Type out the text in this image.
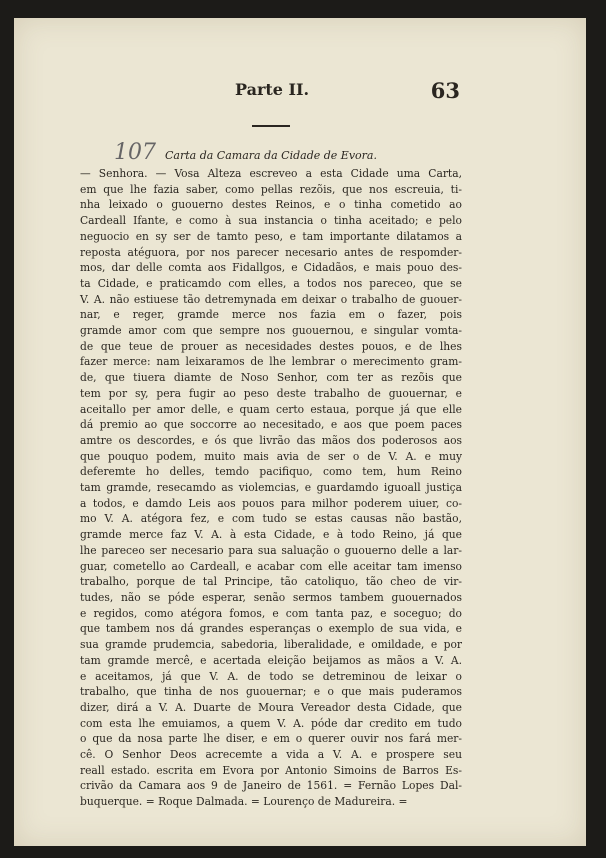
Parte II.	63
107 Carta da Camara da Cidade de Evora.
— Senhora. — Vosa Alteza escreveo a esta Cidade uma Carta,
em que lhe fazia saber, como pellas rezõis, que nos escreuia, ti-
nha leixado o guouerno destes Reinos, e o tinha cometido ao
Cardeall Ifante, e como à sua instancia o tinha aceitado; e pelo
neguocio en sy ser de tamto peso, e tam importante dilatamos a
reposta atéguora, por nos parecer necesario antes de respomder-
mos, dar delle comta aos Fidallgos, e Cidadãos, e mais pouo des-
ta Cidade, e praticamdo com elles, a todos nos pareceo, que se
V. A. não estiuese tão detremynada em deixar o trabalho de guouer-
nar, e reger, gramde merce nos fazia em o fazer, pois
gramde amor com que sempre nos guouernou, e singular vomta-
de que teue de prouer as necesidades destes pouos, e de lhes
fazer merce: nam leixaramos de lhe lembrar o merecimento gram-
de, que tiuera diamte de Noso Senhor, com ter as rezõis que
tem por sy, pera fugir ao peso deste trabalho de guouernar, e
aceitallo per amor delle, e quam certo estaua, porque já que elle
dá premio ao que soccorre ao necesitado, e aos que poem paces
amtre os descordes, e ós que livrão das mãos dos poderosos aos
que pouquo podem, muito mais avia de ser o de V. A. e muy
deferemte ho delles, temdo pacifiquo, como tem, hum Reino
tam gramde, resecamdo as violemcias, e guardamdo iguoall justiça
a todos, e damdo Leis aos pouos para milhor poderem uiuer, co-
mo V. A. atégora fez, e com tudo se estas causas não bastão,
gramde merce faz V. A. à esta Cidade, e à todo Reino, já que
lhe pareceo ser necesario para sua saluação o guouerno delle a lar-
guar, cometello ao Cardeall, e acabar com elle aceitar tam imenso
trabalho, porque de tal Principe, tão catoliquo, tão cheo de vir-
tudes, não se póde esperar, senão sermos tambem guouernados
e regidos, como atégora fomos, e com tanta paz, e soceguo; do
que tambem nos dá grandes esperanças o exemplo de sua vida, e
sua gramde prudemcia, sabedoria, liberalidade, e omildade, e por
tam gramde mercê, e acertada eleição beijamos as mãos a V. A.
e aceitamos, já que V. A. de todo se detreminou de leixar o
trabalho, que tinha de nos guouernar; e o que mais puderamos
dizer, dirá a V. A. Duarte de Moura Vereador desta Cidade, que
com esta lhe emuiamos, a quem V. A. póde dar credito em tudo
o que da nosa parte lhe diser, e em o querer ouvir nos fará mer-
cê. O Senhor Deos acrecemte a vida a V. A. e prospere seu
reall estado. escrita em Evora por Antonio Simoins de Barros Es-
crivão da Camara aos 9 de Janeiro de 1561. = Fernão Lopes Dal-
buquerque. = Roque Dalmada. = Lourenço de Madureira. =
